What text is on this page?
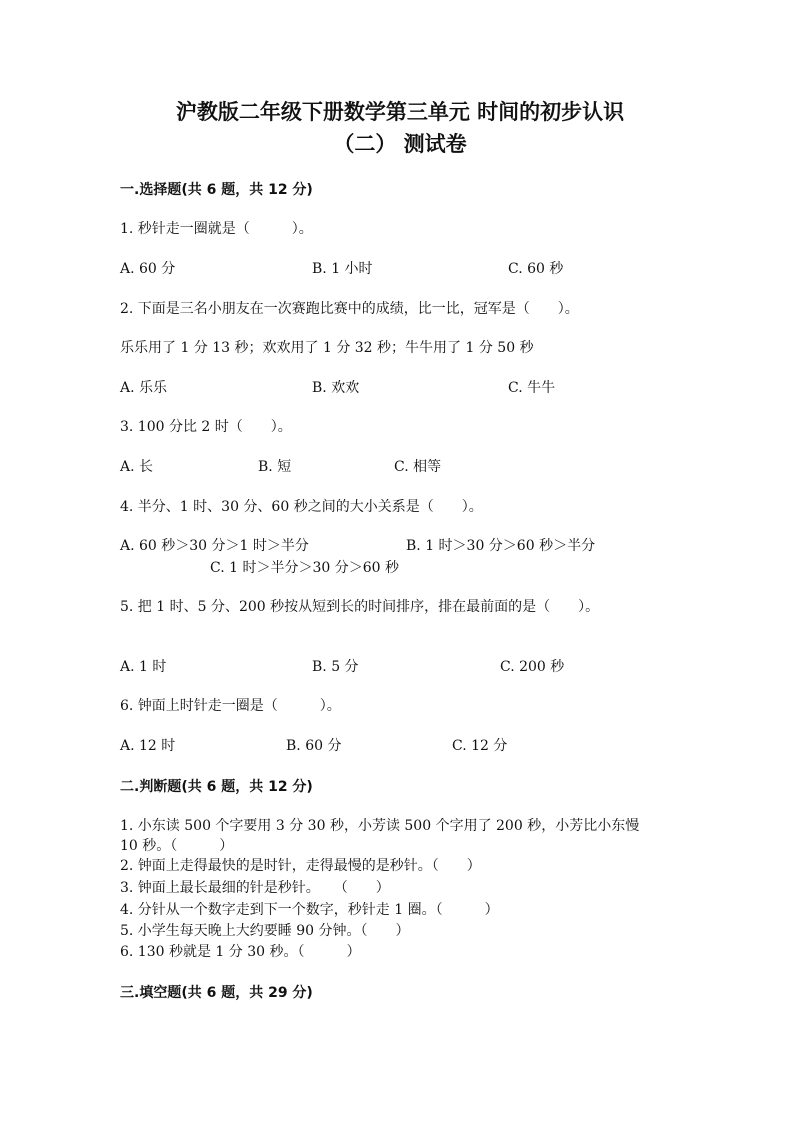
沪教版二年级下册数学第三单元 时间的初步认识
（二） 测试卷
一.选择题(共 6 题，共 12 分)
1. 秒针走一圈就是（　　　）。
A. 60 分	B. 1 小时	C. 60 秒
2. 下面是三名小朋友在一次赛跑比赛中的成绩，比一比，冠军是（　　）。
乐乐用了 1 分 13 秒；欢欢用了 1 分 32 秒；牛牛用了 1 分 50 秒
A. 乐乐	B. 欢欢	C. 牛牛
3. 100 分比 2 时（　　）。
A. 长	B. 短	C. 相等
4. 半分、1 时、30 分、60 秒之间的大小关系是（　　）。
A. 60 秒＞30 分＞1 时＞半分	B. 1 时＞30 分＞60 秒＞半分
C. 1 时＞半分＞30 分＞60 秒
5. 把 1 时、5 分、200 秒按从短到长的时间排序，排在最前面的是（　　）。
A. 1 时	B. 5 分	C. 200 秒
6. 钟面上时针走一圈是（　　　）。
A. 12 时	B. 60 分	C. 12 分
二.判断题(共 6 题，共 12 分)
1. 小东读 500 个字要用 3 分 30 秒，小芳读 500 个字用了 200 秒，小芳比小东慢
10 秒。（　　　）
2. 钟面上走得最快的是时针，走得最慢的是秒针。（　　）
3. 钟面上最长最细的针是秒针。　　（　　）
4. 分针从一个数字走到下一个数字，秒针走 1 圈。（　　　）
5. 小学生每天晚上大约要睡 90 分钟。（　　）
6. 130 秒就是 1 分 30 秒。（　　　）
三.填空题(共 6 题，共 29 分)
